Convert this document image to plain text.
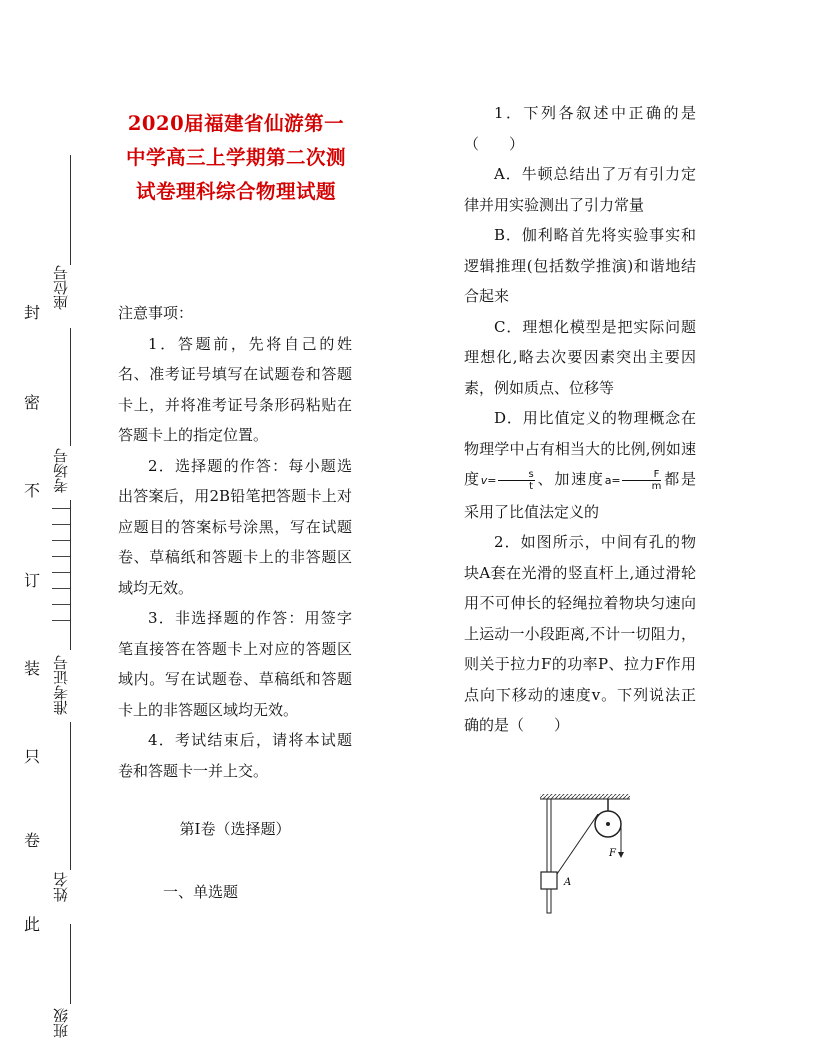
封
密
不
订
装
只
卷
此
座位号
考场号
准考证号
姓名
班级
2020届福建省仙游第一中学高三上学期第二次测试卷理科综合物理试题

注意事项：

1．答题前，先将自己的姓名、准考证号填写在试题卷和答题卡上，并将准考证号条形码粘贴在答题卡上的指定位置。

2．选择题的作答：每小题选出答案后，用2B铅笔把答题卡上对应题目的答案标号涂黑，写在试题卷、草稿纸和答题卡上的非答题区域均无效。

3．非选择题的作答：用签字笔直接答在答题卡上对应的答题区域内。写在试题卷、草稿纸和答题卡上的非答题区域均无效。

4．考试结束后，请将本试题卷和答题卡一并上交。

第I卷（选择题）

一、单选题

1．下列各叙述中正确的是（　　）

A．牛顿总结出了万有引力定律并用实验测出了引力常量

B．伽利略首先将实验事实和逻辑推理(包括数学推演)和谐地结合起来

C．理想化模型是把实际问题理想化,略去次要因素突出主要因素，例如质点、位移等

D．用比值定义的物理概念在物理学中占有相当大的比例,例如速度$v= \frac{s}{t}$ 、加速度$a= \frac{F}{m}$ 都是采用了比值法定义的

2．如图所示，中间有孔的物块A套在光滑的竖直杆上,通过滑轮用不可伸长的轻绳拉着物块匀速向上运动一小段距离,不计一切阻力，则关于拉力F的功率P、拉力F作用点向下移动的速度v。下列说法正确的是（　　）

F
A
